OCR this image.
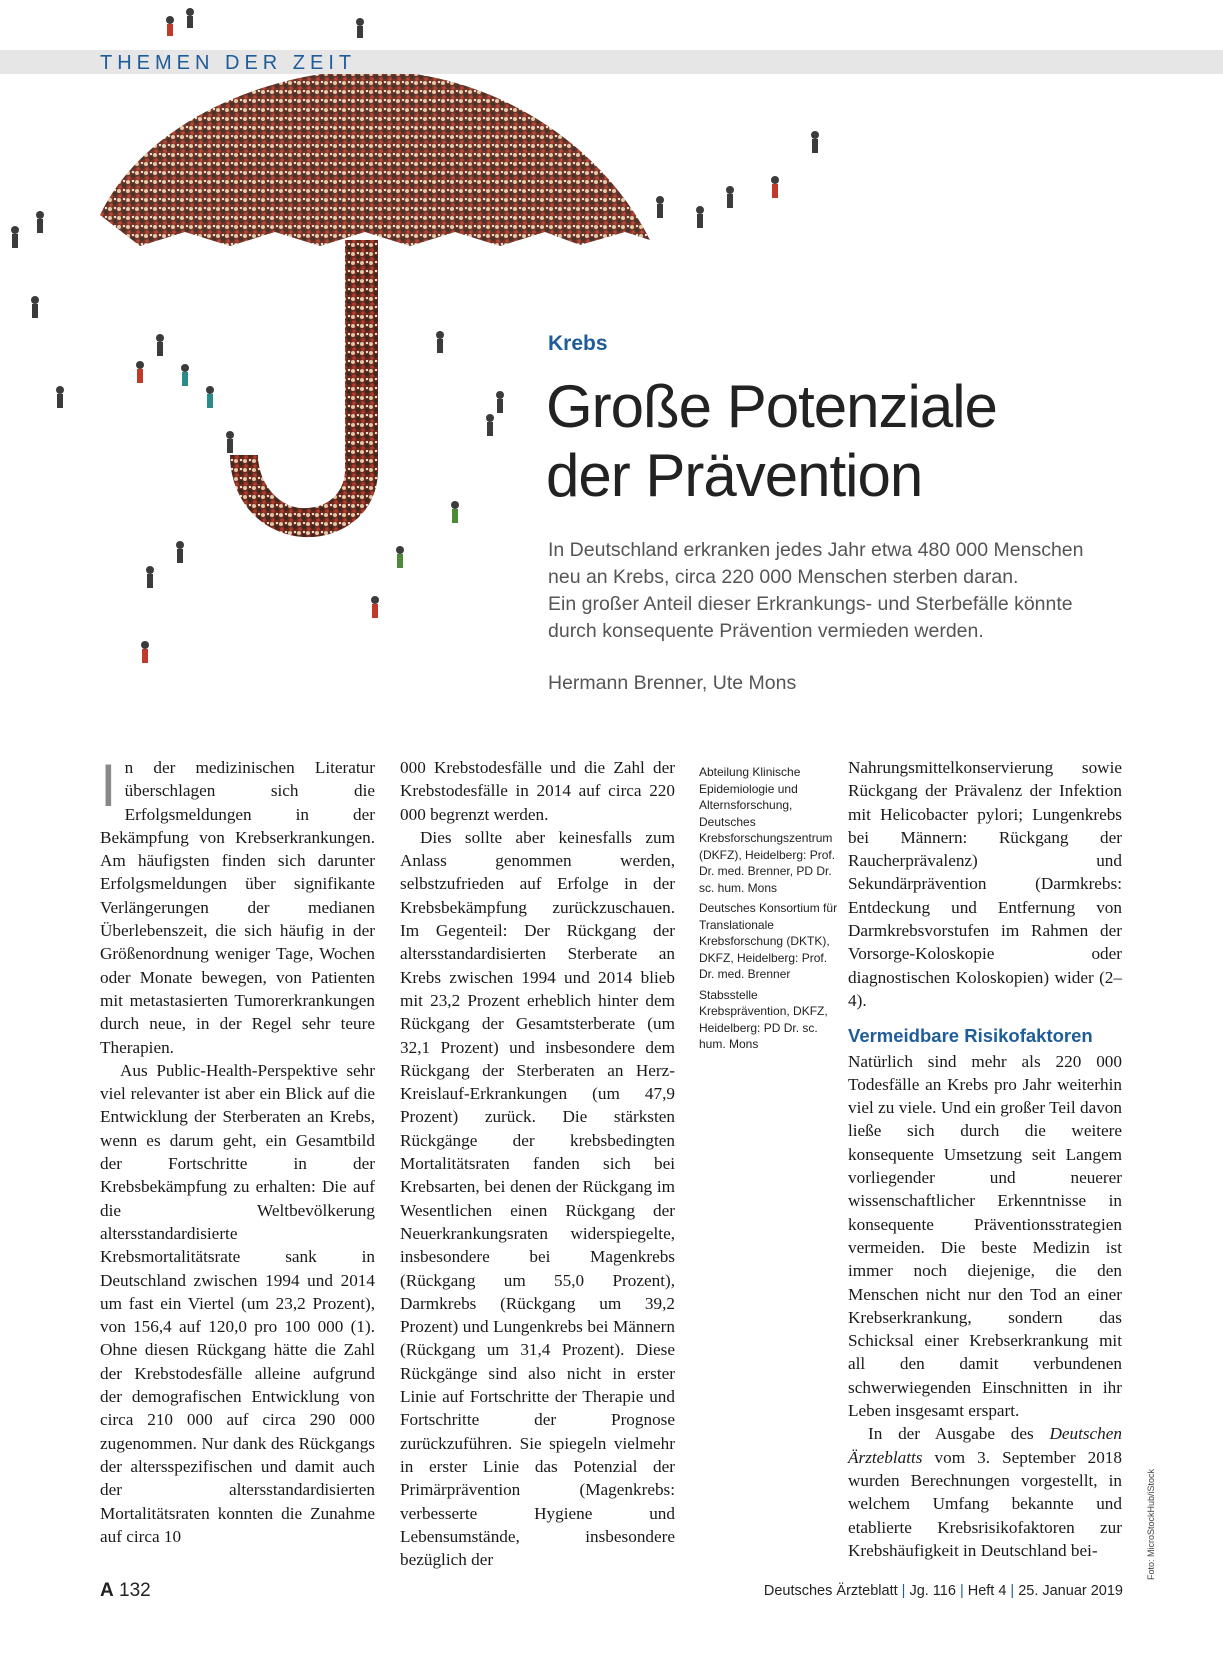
THEMEN DER ZEIT
Krebs
Große Potenziale
der Prävention
In Deutschland erkranken jedes Jahr etwa 480 000 Menschen
neu an Krebs, circa 220 000 Menschen sterben daran.
Ein großer Anteil dieser Erkrankungs- und Sterbefälle könnte
durch konsequente Prävention vermieden werden.
Hermann Brenner, Ute Mons

In der medizinischen Literatur überschlagen sich die Erfolgsmeldungen in der Bekämpfung von Krebserkrankungen. Am häufigsten finden sich darunter Erfolgsmeldungen über signifikante Verlängerungen der medianen Überlebenszeit, die sich häufig in der Größenordnung weniger Tage, Wochen oder Monate bewegen, von Patienten mit metastasierten Tumorerkrankungen durch neue, in der Regel sehr teure Therapien.

Aus Public-Health-Perspektive sehr viel relevanter ist aber ein Blick auf die Entwicklung der Sterberaten an Krebs, wenn es darum geht, ein Gesamtbild der Fortschritte in der Krebsbekämpfung zu erhalten: Die auf die Weltbevölkerung altersstandardisierte Krebsmortalitätsrate sank in Deutschland zwischen 1994 und 2014 um fast ein Viertel (um 23,2 Prozent), von 156,4 auf 120,0 pro 100 000 (1). Ohne diesen Rückgang hätte die Zahl der Krebstodesfälle alleine aufgrund der demografischen Entwicklung von circa 210 000 auf circa 290 000 zugenommen. Nur dank des Rückgangs der altersspezifischen und damit auch der altersstandardisierten Mortalitätsraten konnten die Zunahme auf circa 10

000 Krebstodesfälle und die Zahl der Krebstodesfälle in 2014 auf circa 220 000 begrenzt werden.

Dies sollte aber keinesfalls zum Anlass genommen werden, selbstzufrieden auf Erfolge in der Krebsbekämpfung zurückzuschauen. Im Gegenteil: Der Rückgang der altersstandardisierten Sterberate an Krebs zwischen 1994 und 2014 blieb mit 23,2 Prozent erheblich hinter dem Rückgang der Gesamtsterberate (um 32,1 Prozent) und insbesondere dem Rückgang der Sterberaten an Herz-Kreislauf-Erkrankungen (um 47,9 Prozent) zurück. Die stärksten Rückgänge der krebsbedingten Mortalitätsraten fanden sich bei Krebsarten, bei denen der Rückgang im Wesentlichen einen Rückgang der Neuerkrankungsraten widerspiegelte, insbesondere bei Magenkrebs (Rückgang um 55,0 Prozent), Darmkrebs (Rückgang um 39,2 Prozent) und Lungenkrebs bei Männern (Rückgang um 31,4 Prozent). Diese Rückgänge sind also nicht in erster Linie auf Fortschritte der Therapie und Fortschritte der Prognose zurückzuführen. Sie spiegeln vielmehr in erster Linie das Potenzial der Primärprävention (Magenkrebs: verbesserte Hygiene und Lebensumstände, insbesondere bezüglich der

Abteilung Klinische Epidemiologie und Alternsforschung, Deutsches Krebsforschungszentrum (DKFZ), Heidelberg: Prof. Dr. med. Brenner, PD Dr. sc. hum. Mons

Deutsches Konsortium für Translationale Krebsforschung (DKTK), DKFZ, Heidelberg: Prof. Dr. med. Brenner

Stabsstelle Krebsprävention, DKFZ, Heidelberg: PD Dr. sc. hum. Mons

Nahrungsmittelkonservierung sowie Rückgang der Prävalenz der Infektion mit Helicobacter pylori; Lungenkrebs bei Männern: Rückgang der Raucherprävalenz) und Sekundärprävention (Darmkrebs: Entdeckung und Entfernung von Darmkrebsvorstufen im Rahmen der Vorsorge-Koloskopie oder diagnostischen Koloskopien) wider (2–4).

Vermeidbare Risikofaktoren

Natürlich sind mehr als 220 000 Todesfälle an Krebs pro Jahr weiterhin viel zu viele. Und ein großer Teil davon ließe sich durch die weitere konsequente Umsetzung seit Langem vorliegender und neuerer wissenschaftlicher Erkenntnisse in konsequente Präventionsstrategien vermeiden. Die beste Medizin ist immer noch diejenige, die den Menschen nicht nur den Tod an einer Krebserkrankung, sondern das Schicksal einer Krebserkrankung mit all den damit verbundenen schwerwiegenden Einschnitten in ihr Leben insgesamt erspart.

In der Ausgabe des Deutschen Ärzteblatts vom 3. September 2018 wurden Berechnungen vorgestellt, in welchem Umfang bekannte und etablierte Krebsrisikofaktoren zur Krebshäufigkeit in Deutschland bei-	Foto: MicroStockHub/iStock
A 132	Deutsches Ärzteblatt | Jg. 116 | Heft 4 | 25. Januar 2019
